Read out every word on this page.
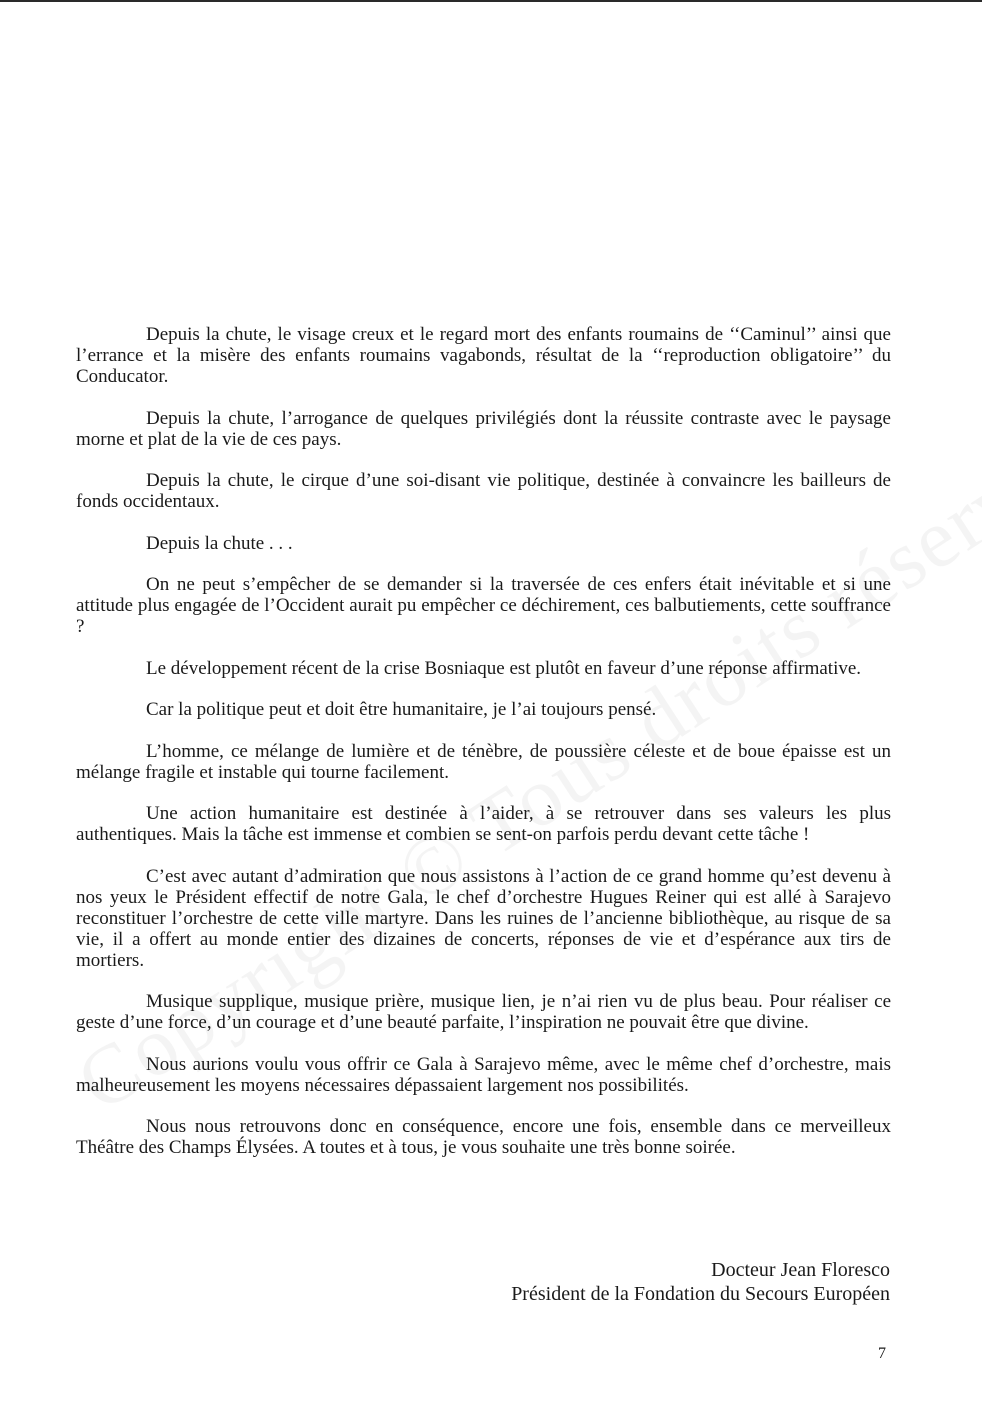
Depuis la chute, le visage creux et le regard mort des enfants roumains de ‘‘Caminul’’ ainsi que l’errance et la misère des enfants roumains vagabonds, résultat de la ‘‘reproduction obligatoire’’ du Conducator.

Depuis la chute, l’arrogance de quelques privilégiés dont la réussite contraste avec le paysage morne et plat de la vie de ces pays.

Depuis la chute, le cirque d’une soi-disant vie politique, destinée à convaincre les bailleurs de fonds occidentaux.

Depuis la chute . . .

On ne peut s’empêcher de se demander si la traversée de ces enfers était inévitable et si une attitude plus engagée de l’Occident aurait pu empêcher ce déchirement, ces balbutiements, cette souffrance ?

Le développement récent de la crise Bosniaque est plutôt en faveur d’une réponse affirmative.

Car la politique peut et doit être humanitaire, je l’ai toujours pensé.

L’homme, ce mélange de lumière et de ténèbre, de poussière céleste et de boue épaisse est un mélange fragile et instable qui tourne facilement.

Une action humanitaire est destinée à l’aider, à se retrouver dans ses valeurs les plus authentiques. Mais la tâche est immense et combien se sent-on parfois perdu devant cette tâche !

C’est avec autant d’admiration que nous assistons à l’action de ce grand homme qu’est devenu à nos yeux le Président effectif de notre Gala, le chef d’orchestre Hugues Reiner qui est allé à Sarajevo reconstituer l’orchestre de cette ville martyre. Dans les ruines de l’ancienne bibliothèque, au risque de sa vie, il a offert au monde entier des dizaines de concerts, réponses de vie et d’espérance aux tirs de mortiers.

Musique supplique, musique prière, musique lien, je n’ai rien vu de plus beau. Pour réaliser ce geste d’une force, d’un courage et d’une beauté parfaite, l’inspiration ne pouvait être que divine.

Nous aurions voulu vous offrir ce Gala à Sarajevo même, avec le même chef d’orchestre, mais malheureusement les moyens nécessaires dépassaient largement nos possibilités.

Nous nous retrouvons donc en conséquence, encore une fois, ensemble dans ce merveilleux Théâtre des Champs Élysées. A toutes et à tous, je vous souhaite une très bonne soirée.

Docteur Jean Floresco
Président de la Fondation du Secours Européen
7
